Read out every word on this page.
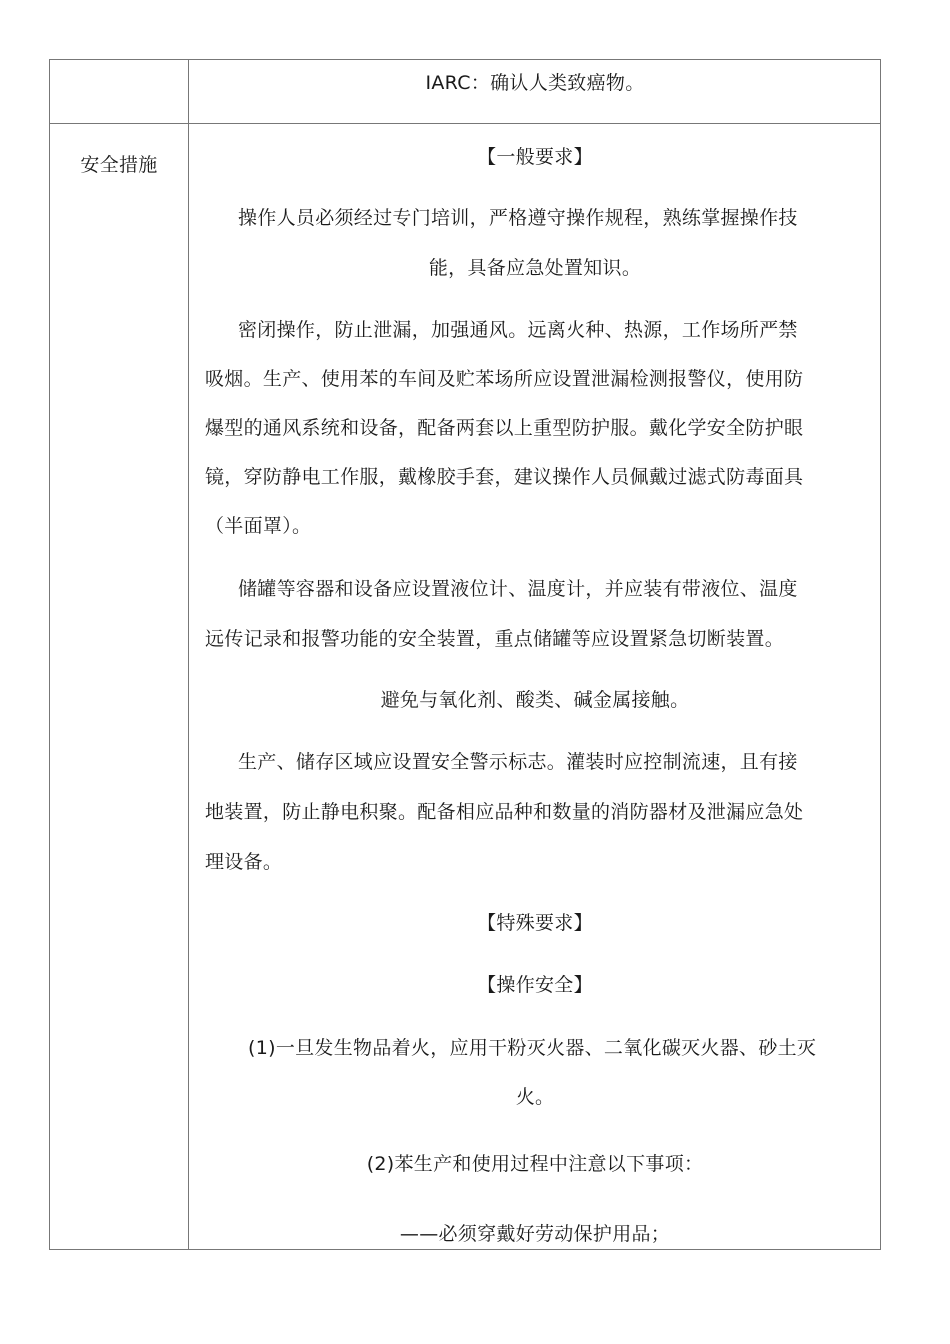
IARC：确认人类致癌物。

安全措施	【一般要求】

操作人员必须经过专门培训，严格遵守操作规程，熟练掌握操作技

能，具备应急处置知识。

密闭操作，防止泄漏，加强通风。远离火种、热源，工作场所严禁

吸烟。生产、使用苯的车间及贮苯场所应设置泄漏检测报警仪，使用防

爆型的通风系统和设备，配备两套以上重型防护服。戴化学安全防护眼

镜，穿防静电工作服，戴橡胶手套，建议操作人员佩戴过滤式防毒面具

（半面罩）。

储罐等容器和设备应设置液位计、温度计，并应装有带液位、温度

远传记录和报警功能的安全装置，重点储罐等应设置紧急切断装置。

避免与氧化剂、酸类、碱金属接触。

生产、储存区域应设置安全警示标志。灌装时应控制流速，且有接

地装置，防止静电积聚。配备相应品种和数量的消防器材及泄漏应急处

理设备。

【特殊要求】

【操作安全】

(1)一旦发生物品着火，应用干粉灭火器、二氧化碳灭火器、砂土灭

火。

(2)苯生产和使用过程中注意以下事项：

——必须穿戴好劳动保护用品；
